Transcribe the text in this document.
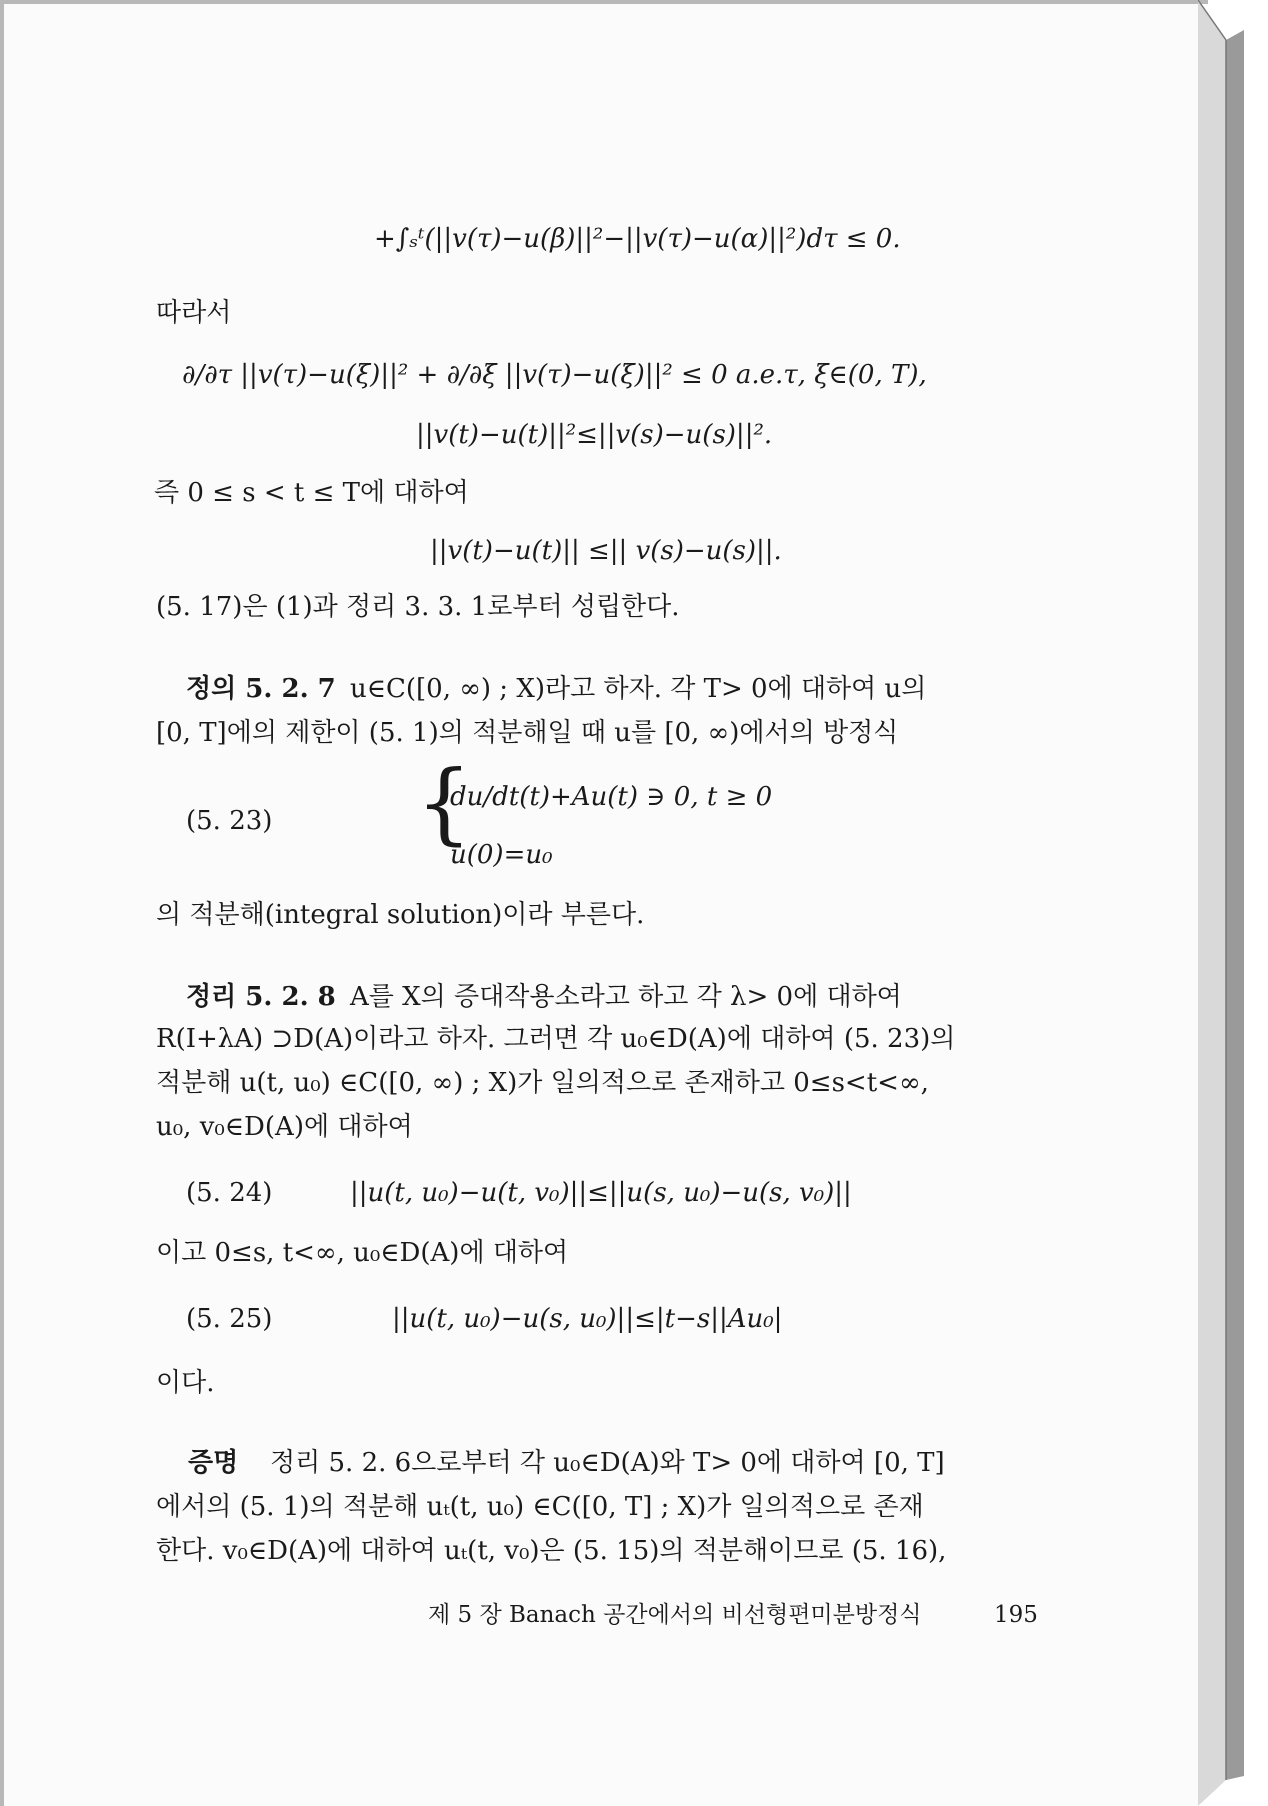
+∫ₛᵗ(||v(τ)−u(β)||²−||v(τ)−u(α)||²)dτ ≤ 0.
따라서
∂/∂τ ||v(τ)−u(ξ)||² + ∂/∂ξ ||v(τ)−u(ξ)||² ≤ 0 a.e.τ, ξ∈(0, T),
||v(t)−u(t)||²≤||v(s)−u(s)||².
즉 0 ≤ s < t ≤ T에 대하여
||v(t)−u(t)|| ≤|| v(s)−u(s)||.
(5. 17)은 (1)과 정리 3. 3. 1로부터 성립한다.
정의 5. 2. 7 u∈C([0, ∞) ; X)라고 하자. 각 T> 0에 대하여 u의
[0, T]에의 제한이 (5. 1)의 적분해일 때 u를 [0, ∞)에서의 방정식
(5. 23) {
du/dt(t)+Au(t) ∋ 0, t ≥ 0
u(0)=u₀
의 적분해(integral solution)이라 부른다.
정리 5. 2. 8 A를 X의 증대작용소라고 하고 각 λ> 0에 대하여
R(I+λA) ⊃D(A)이라고 하자. 그러면 각 u₀∈D(A)에 대하여 (5. 23)의
적분해 u(t, u₀) ∈C([0, ∞) ; X)가 일의적으로 존재하고 0≤s<t<∞,
u₀, v₀∈D(A)에 대하여
(5. 24)	||u(t, u₀)−u(t, v₀)||≤||u(s, u₀)−u(s, v₀)||
이고 0≤s, t<∞, u₀∈D(A)에 대하여
(5. 25)	||u(t, u₀)−u(s, u₀)||≤|t−s||Au₀|
이다.
증명 정리 5. 2. 6으로부터 각 u₀∈D(A)와 T> 0에 대하여 [0, T]
에서의 (5. 1)의 적분해 uₜ(t, u₀) ∈C([0, T] ; X)가 일의적으로 존재
한다. v₀∈D(A)에 대하여 uₜ(t, v₀)은 (5. 15)의 적분해이므로 (5. 16),
제 5 장 Banach 공간에서의 비선형편미분방정식	195
